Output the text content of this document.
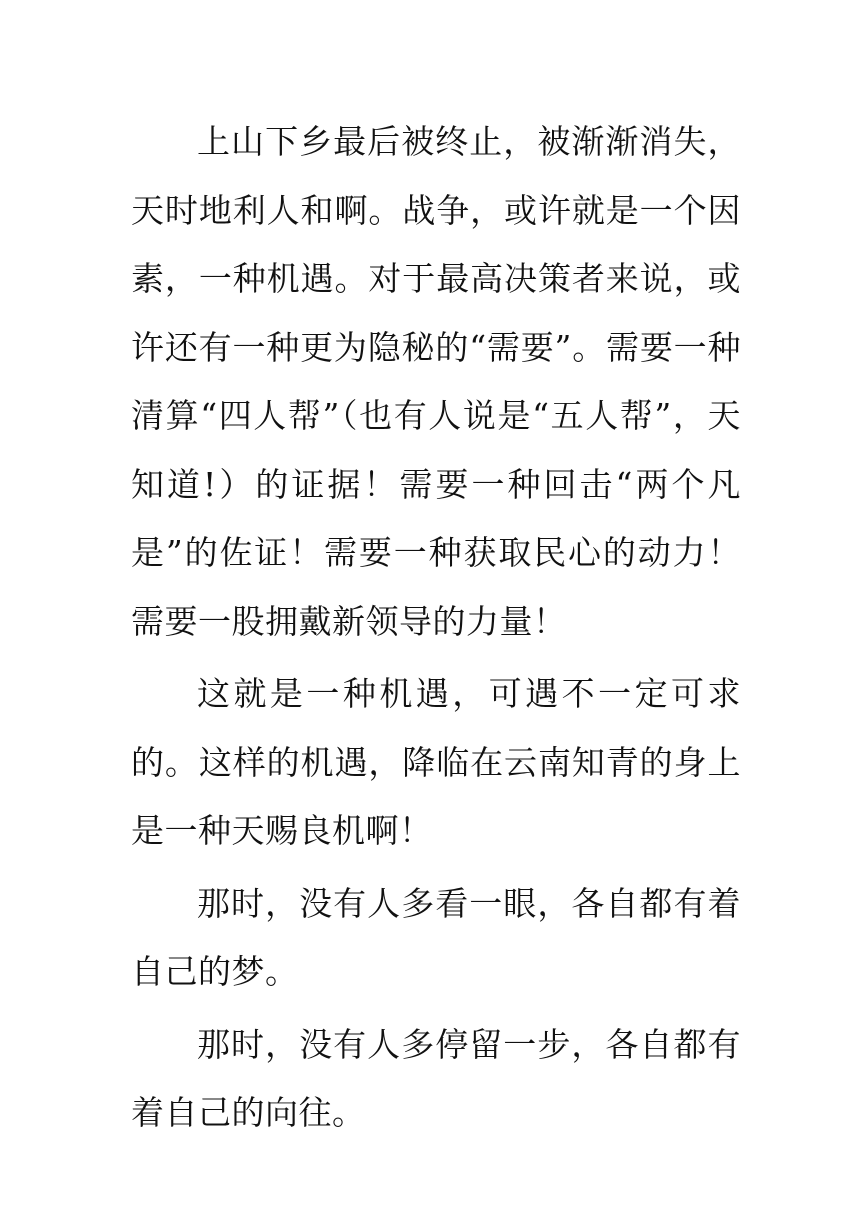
上山下乡最后被终止，被渐渐消失，天时地利人和啊。战争，或许就是一个因素，一种机遇。对于最高决策者来说，或许还有一种更为隐秘的“需要”。需要一种清算“四人帮”（也有人说是“五人帮”，天知道!）的证据！需要一种回击“两个凡是”的佐证！需要一种获取民心的动力！需要一股拥戴新领导的力量！

这就是一种机遇，可遇不一定可求的。这样的机遇，降临在云南知青的身上是一种天赐良机啊！

那时，没有人多看一眼，各自都有着自己的梦。

那时，没有人多停留一步，各自都有着自己的向往。
